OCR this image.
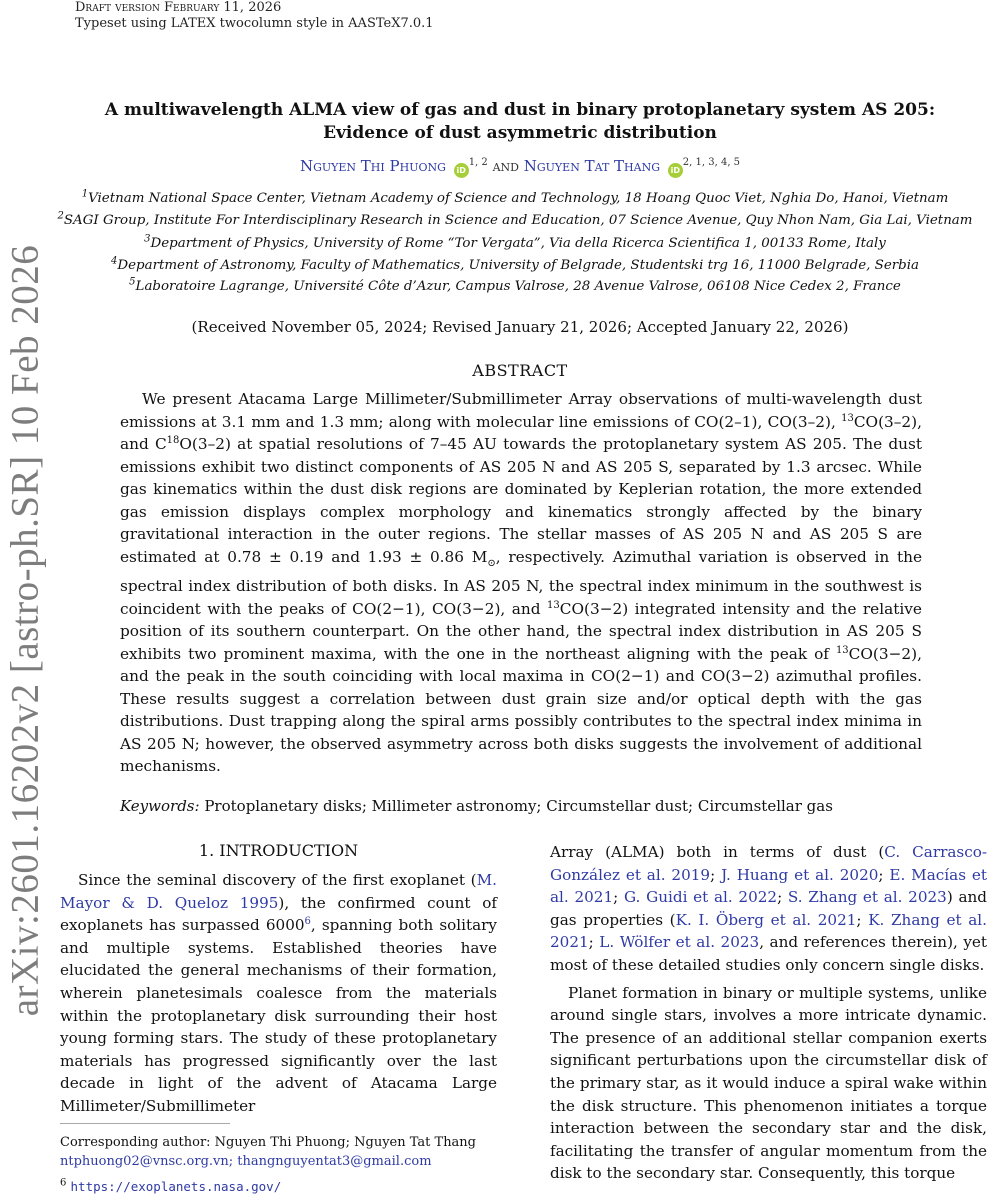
Draft version February 11, 2026
Typeset using LATEX twocolumn style in AASTeX7.0.1
arXiv:2601.16202v2 [astro-ph.SR] 10 Feb 2026
A multiwavelength ALMA view of gas and dust in binary protoplanetary system AS 205:
Evidence of dust asymmetric distribution
Nguyen Thi Phuong iD$^{1, 2}$ and Nguyen Tat Thang iD$^{2, 1, 3, 4, 5}$
$^1$Vietnam National Space Center, Vietnam Academy of Science and Technology, 18 Hoang Quoc Viet, Nghia Do, Hanoi, Vietnam
$^2$SAGI Group, Institute For Interdisciplinary Research in Science and Education, 07 Science Avenue, Quy Nhon Nam, Gia Lai, Vietnam
$^3$Department of Physics, University of Rome “Tor Vergata”, Via della Ricerca Scientifica 1, 00133 Rome, Italy
$^4$Department of Astronomy, Faculty of Mathematics, University of Belgrade, Studentski trg 16, 11000 Belgrade, Serbia
$^5$Laboratoire Lagrange, Université Côte d’Azur, Campus Valrose, 28 Avenue Valrose, 06108 Nice Cedex 2, France
(Received November 05, 2024; Revised January 21, 2026; Accepted January 22, 2026)
ABSTRACT
We present Atacama Large Millimeter/Submillimeter Array observations of multi-wavelength dust emissions at 3.1 mm and 1.3 mm; along with molecular line emissions of CO(2–1), CO(3–2), $^{13}$CO(3–2), and $C^{18}O(3-2)$ at spatial resolutions of 7–45 AU towards the protoplanetary system AS 205. The dust emissions exhibit two distinct components of AS 205 N and AS 205 S, separated by 1.3 arcsec. While gas kinematics within the dust disk regions are dominated by Keplerian rotation, the more extended gas emission displays complex morphology and kinematics strongly affected by the binary gravitational interaction in the outer regions. The stellar masses of AS 205 N and AS 205 S are estimated at 0.78 ± 0.19 and 1.93 ± 0.86 $M_⊙$, respectively. Azimuthal variation is observed in the spectral index distribution of both disks. In AS 205 N, the spectral index minimum in the southwest is coincident with the peaks of CO(2−1), CO(3−2), and $^{13}$CO(3−2) integrated intensity and the relative position of its southern counterpart. On the other hand, the spectral index distribution in AS 205 S exhibits two prominent maxima, with the one in the northeast aligning with the peak of $^{13}$CO(3−2), and the peak in the south coinciding with local maxima in CO(2−1) and CO(3−2) azimuthal profiles. These results suggest a correlation between dust grain size and/or optical depth with the gas distributions. Dust trapping along the spiral arms possibly contributes to the spectral index minima in AS 205 N; however, the observed asymmetry across both disks suggests the involvement of additional mechanisms.
Keywords: Protoplanetary disks; Millimeter astronomy; Circumstellar dust; Circumstellar gas
1. INTRODUCTION

Since the seminal discovery of the first exoplanet (M. Mayor & D. Queloz 1995), the confirmed count of exoplanets has surpassed 6000$^6$, spanning both solitary and multiple systems. Established theories have elucidated the general mechanisms of their formation, wherein planetesimals coalesce from the materials within the protoplanetary disk surrounding their host young forming stars. The study of these protoplanetary materials has progressed significantly over the last decade in light of the advent of Atacama Large Millimeter/Submillimeter

Array (ALMA) both in terms of dust (C. Carrasco-González et al. 2019; J. Huang et al. 2020; E. Macías et al. 2021; G. Guidi et al. 2022; S. Zhang et al. 2023) and gas properties (K. I. Öberg et al. 2021; K. Zhang et al. 2021; L. Wölfer et al. 2023, and references therein), yet most of these detailed studies only concern single disks.

Planet formation in binary or multiple systems, unlike around single stars, involves a more intricate dynamic. The presence of an additional stellar companion exerts significant perturbations upon the circumstellar disk of the primary star, as it would induce a spiral wake within the disk structure. This phenomenon initiates a torque interaction between the secondary star and the disk, facilitating the transfer of angular momentum from the disk to the secondary star. Consequently, this torque

Corresponding author: Nguyen Thi Phuong; Nguyen Tat Thang
ntphuong02@vnsc.org.vn; thangnguyentat3@gmail.com
$^6$ https://exoplanets.nasa.gov/
